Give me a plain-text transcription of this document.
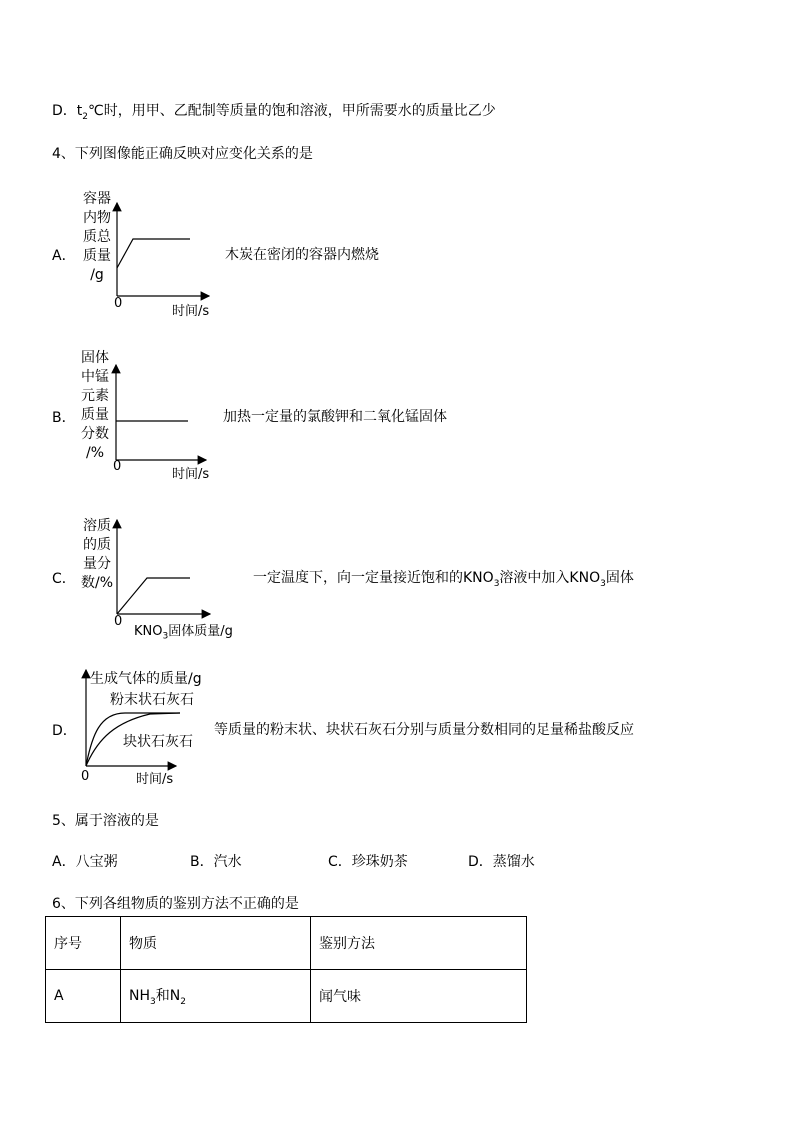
D．$t_2℃$时，用甲、乙配制等质量的饱和溶液，甲所需要水的质量比乙少
4、下列图像能正确反映对应变化关系的是
A．
容器
内物
质总
质量
/g
0
时间/s
木炭在密闭的容器内燃烧
B．
固体
中锰
元素
质量
分数
/%
0
时间/s
加热一定量的氯酸钾和二氧化锰固体
C．
溶质
的质
量分
数/%
0
$KNO_3$固体质量/g
一定温度下，向一定量接近饱和的$KNO_3$溶液中加入$KNO_3$固体
D．
生成气体的质量/g
粉末状石灰石
块状石灰石
0	时间/s
等质量的粉末状、块状石灰石分别与质量分数相同的足量稀盐酸反应
5、属于溶液的是
A．八宝粥	B．汽水	C．珍珠奶茶	D．蒸馏水
6、下列各组物质的鉴别方法不正确的是
序号	物质	鉴别方法
A	$NH_3$和$N_2$	闻气味
